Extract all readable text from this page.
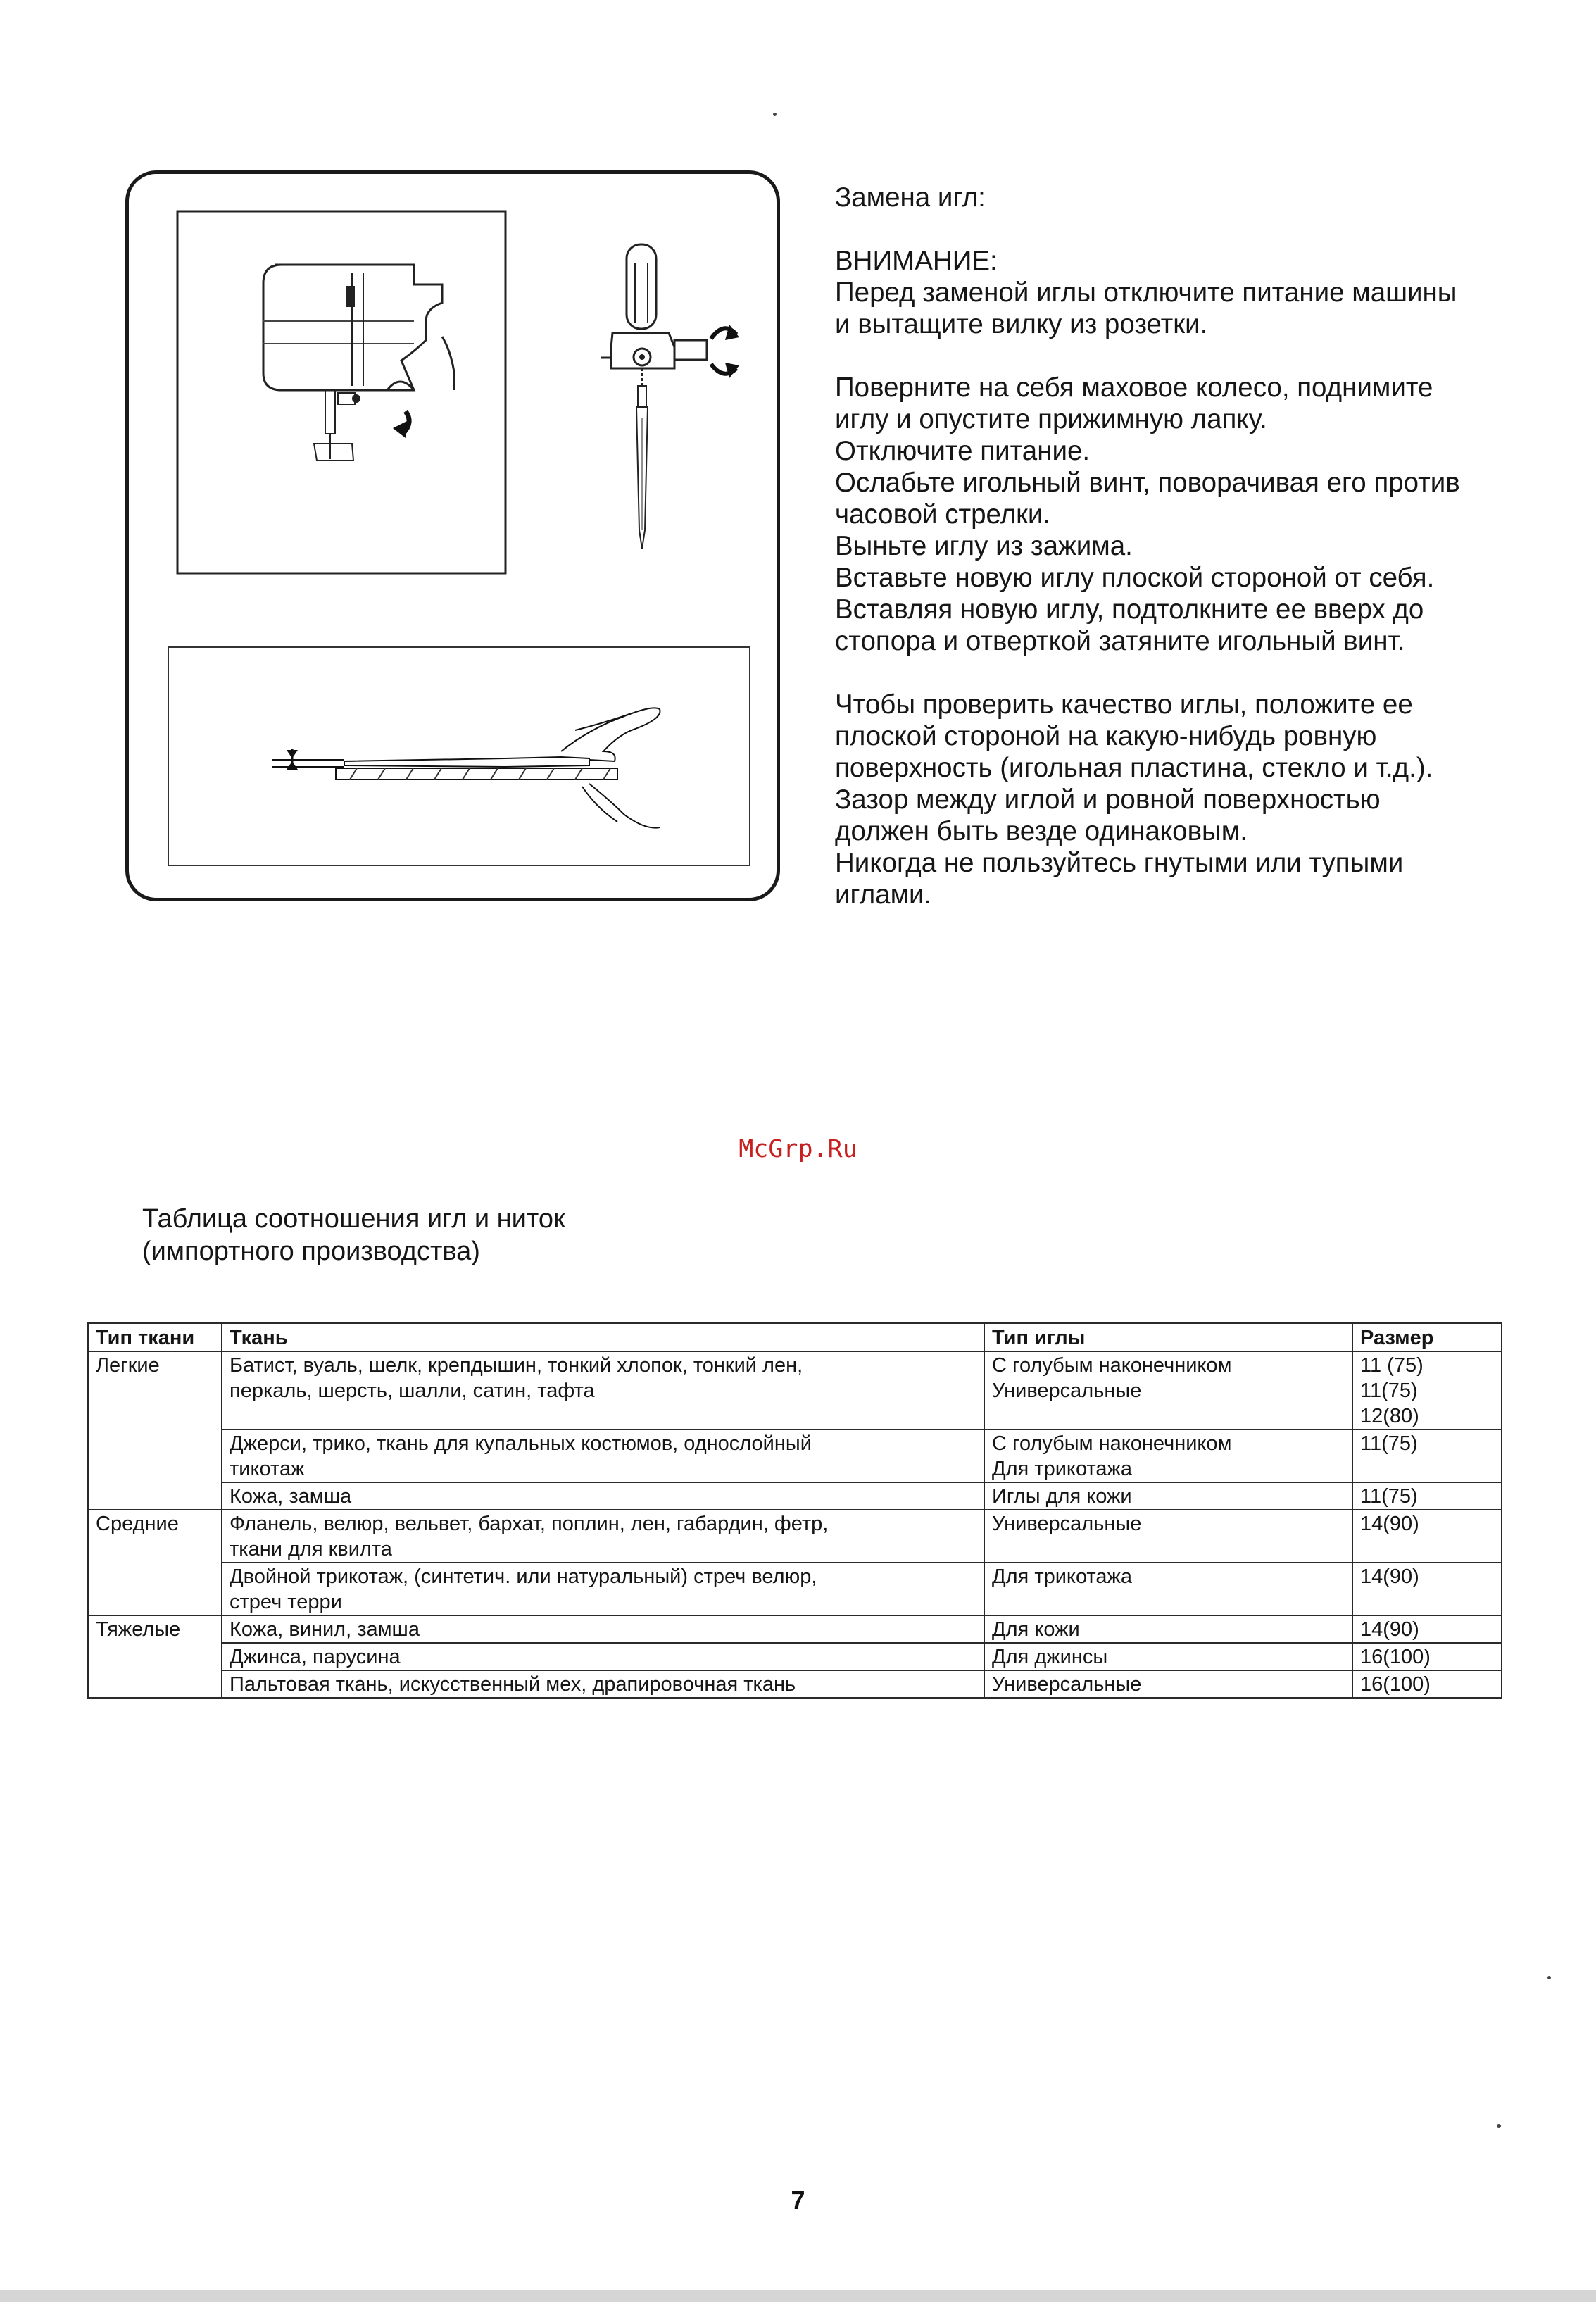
Замена игл:

ВНИМАНИЕ:

Перед заменой иглы отключите питание машины

и вытащите вилку из розетки.

Поверните на себя маховое колесо, поднимите

иглу и опустите прижимную лапку.

Отключите питание.

Ослабьте игольный винт, поворачивая его против

часовой стрелки.

Выньте иглу из зажима.

Вставьте новую иглу плоской стороной от себя.

Вставляя новую иглу, подтолкните ее вверх до

стопора и отверткой затяните игольный винт.

Чтобы проверить качество иглы, положите ее

плоской стороной на какую-нибудь ровную

поверхность (игольная пластина, стекло и т.д.).

Зазор между иглой и ровной поверхностью

должен быть везде одинаковым.

Никогда не пользуйтесь гнутыми или тупыми

иглами.

McGrp.Ru
Таблица соотношения игл и ниток
(импортного производства)
Тип ткани	Ткань	Тип иглы	Размер

Легкие	Батист, вуаль, шелк, крепдышин, тонкий хлопок, тонкий лен,
перкаль, шерсть, шалли, сатин, тафта	С голубым наконечником
Универсальные	11 (75)
11(75)
12(80)

	Джерси, трико, ткань для купальных костюмов, однослойный
тикотаж	С голубым наконечником
Для трикотажа	11(75)

	Кожа, замша	Иглы для кожи	11(75)

Средние	Фланель, велюр, вельвет, бархат, поплин, лен, габардин, фетр,
ткани для квилта	Универсальные	14(90)

	Двойной трикотаж, (синтетич. или натуральный) стреч велюр,
стреч терри	Для трикотажа	14(90)

Тяжелые	Кожа, винил, замша	Для кожи	14(90)

	Джинса, парусина	Для джинсы	16(100)

	Пальтовая ткань, искусственный мех, драпировочная ткань	Универсальные	16(100)
7
